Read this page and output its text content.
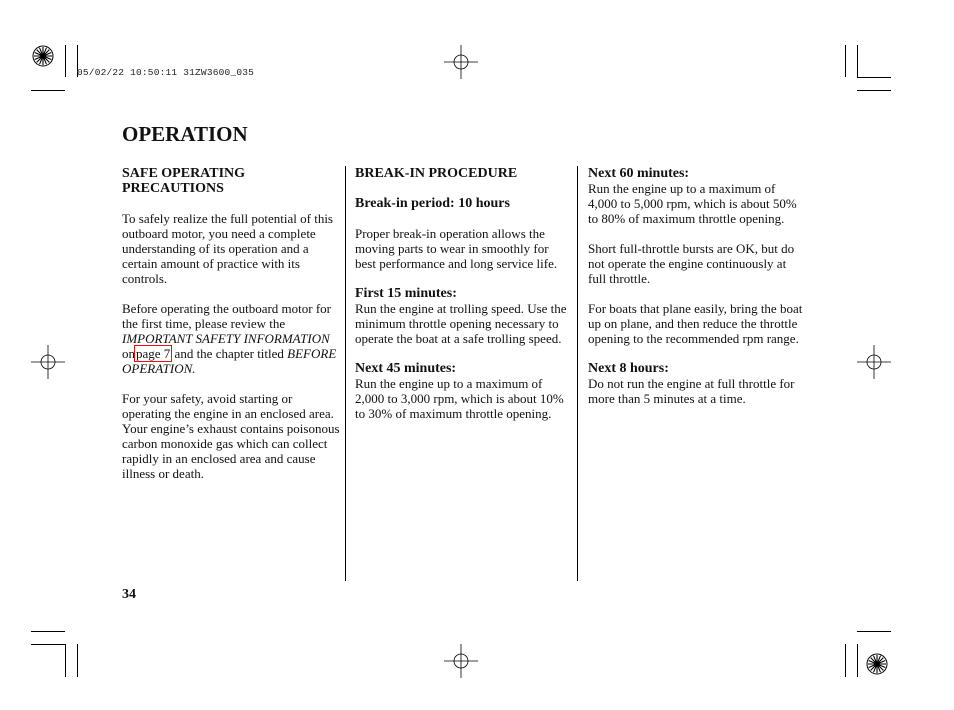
05/02/22 10:50:11 31ZW3600_035
OPERATION
SAFE OPERATING
PRECAUTIONS

To safely realize the full potential of this outboard motor, you need a complete understanding of its operation and a certain amount of practice with its controls.

Before operating the outboard motor for the first time, please review the IMPORTANT SAFETY INFORMATION onpage 7 and the chapter titled BEFORE OPERATION.

For your safety, avoid starting or operating the engine in an enclosed area. Your engine’s exhaust contains poisonous carbon monoxide gas which can collect rapidly in an enclosed area and cause illness or death.

BREAK-IN PROCEDURE
Break-in period: 10 hours

Proper break-in operation allows the moving parts to wear in smoothly for best performance and long service life.

First 15 minutes:

Run the engine at trolling speed. Use the minimum throttle opening necessary to operate the boat at a safe trolling speed.

Next 45 minutes:

Run the engine up to a maximum of 2,000 to 3,000 rpm, which is about 10% to 30% of maximum throttle opening.

Next 60 minutes:

Run the engine up to a maximum of 4,000 to 5,000 rpm, which is about 50% to 80% of maximum throttle opening.

Short full-throttle bursts are OK, but do not operate the engine continuously at full throttle.

For boats that plane easily, bring the boat up on plane, and then reduce the throttle opening to the recommended rpm range.

Next 8 hours:

Do not run the engine at full throttle for more than 5 minutes at a time.

34
